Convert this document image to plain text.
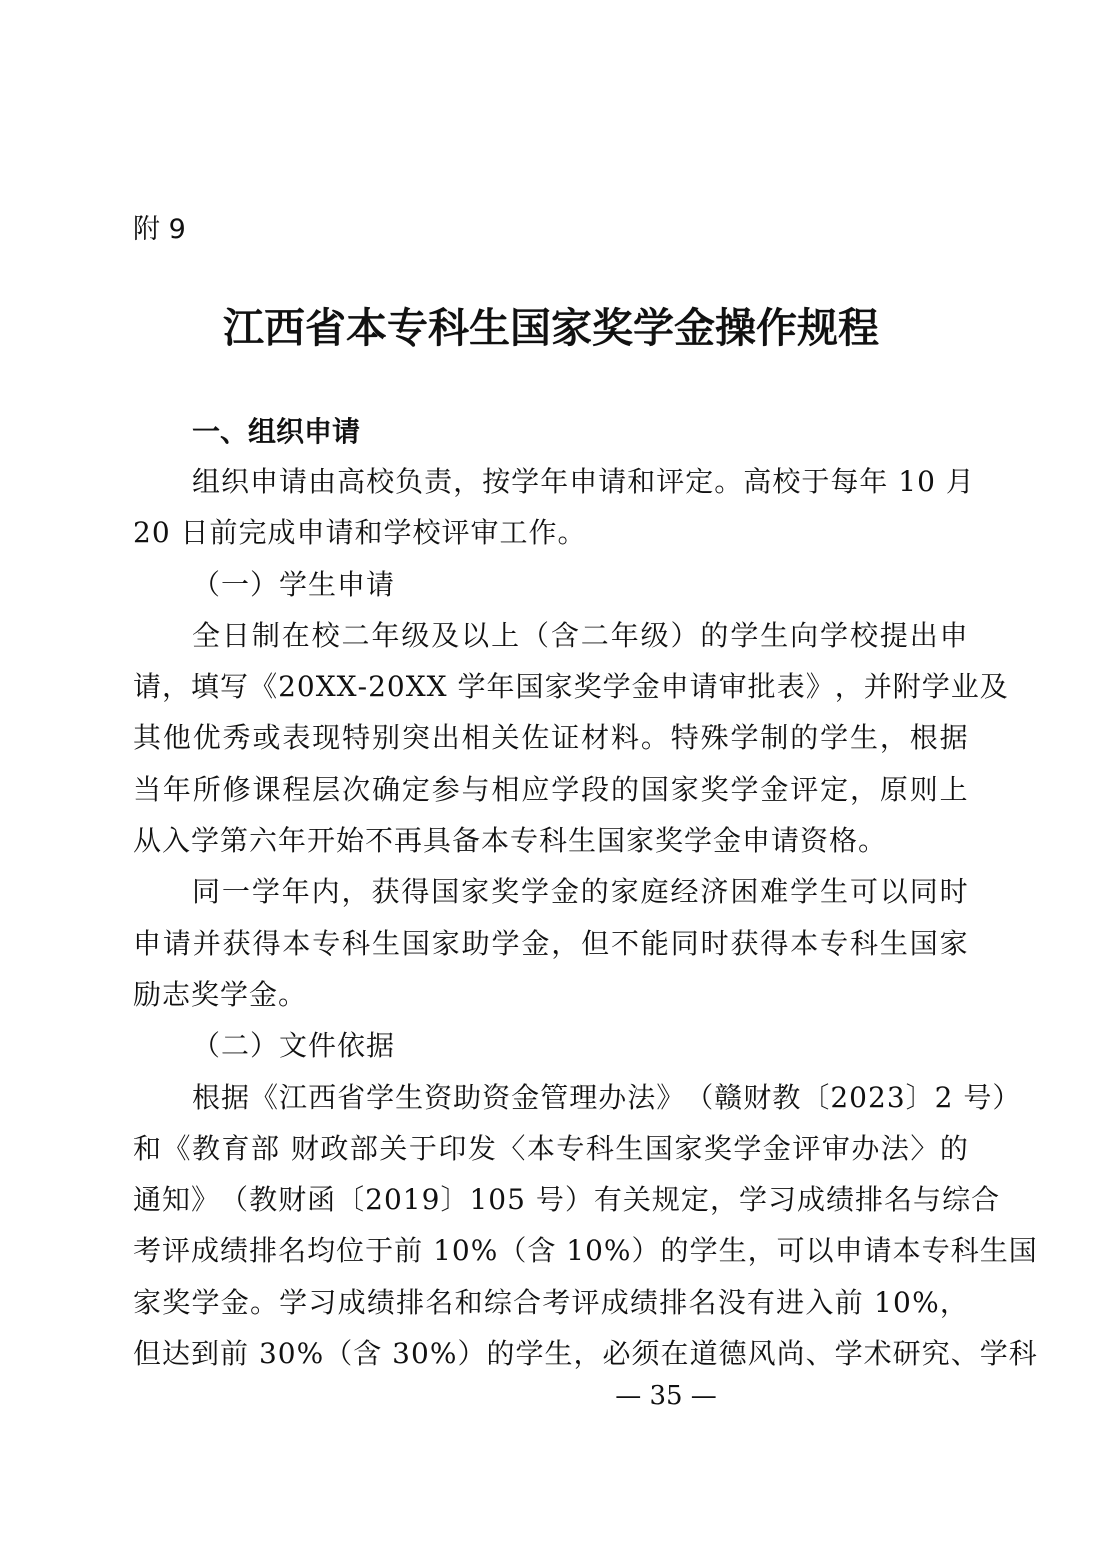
附 9

江西省本专科生国家奖学金操作规程
一、组织申请
组 织 申 请 由 高 校 负 责 ， 按 学 年 申 请 和 评 定 。 高 校 于 每 年
1 0
月
20 日前完成申请和学校评审工作。
（一）学生申请
全 日 制 在 校 二 年 级 及 以 上 （ 含 二 年 级 ） 的 学 生 向 学 校 提 出 申
请 ， 填 写 《 2 0 X X - 2 0 X X
学 年 国 家 奖 学 金 申 请 审 批 表 》 ， 并 附 学 业 及
其 他 优 秀 或 表 现 特 别 突 出 相 关 佐 证 材 料 。 特 殊 学 制 的 学 生 ， 根 据
当 年 所 修 课 程 层 次 确 定 参 与 相 应 学 段 的 国 家 奖 学 金 评 定 ， 原 则 上
从入学第六年开始不再具备本专科生国家奖学金申请资格。
同 一 学 年 内 ， 获 得 国 家 奖 学 金 的 家 庭 经 济 困 难 学 生 可 以 同 时
申 请 并 获 得 本 专 科 生 国 家 助 学 金 ， 但 不 能 同 时 获 得 本 专 科 生 国 家
励志奖学金。
（二）文件依据
根 据 《 江 西 省 学 生 资 助 资 金 管 理 办 法 》 （ 赣 财 教 〔 2 0 2 3 〕 2
号 ）
和 《 教 育 部
财 政 部 关 于 印 发 〈 本 专 科 生 国 家 奖 学 金 评 审 办 法 〉 的
通 知 》 （ 教 财 函 〔 2 0 1 9 〕 1 0 5
号 ） 有 关 规 定 ， 学 习 成 绩 排 名 与 综 合
考 评 成 绩 排 名 均 位 于 前
1 0 % （ 含
1 0 % ） 的 学 生 ， 可 以 申 请 本 专 科 生 国
家 奖 学 金 。 学 习 成 绩 排 名 和 综 合 考 评 成 绩 排 名 没 有 进 入 前
1 0 % ，
但 达 到 前
3 0 % （ 含
3 0 % ） 的 学 生 ， 必 须 在 道 德 风 尚 、 学 术 研 究 、 学 科
— 35 —
